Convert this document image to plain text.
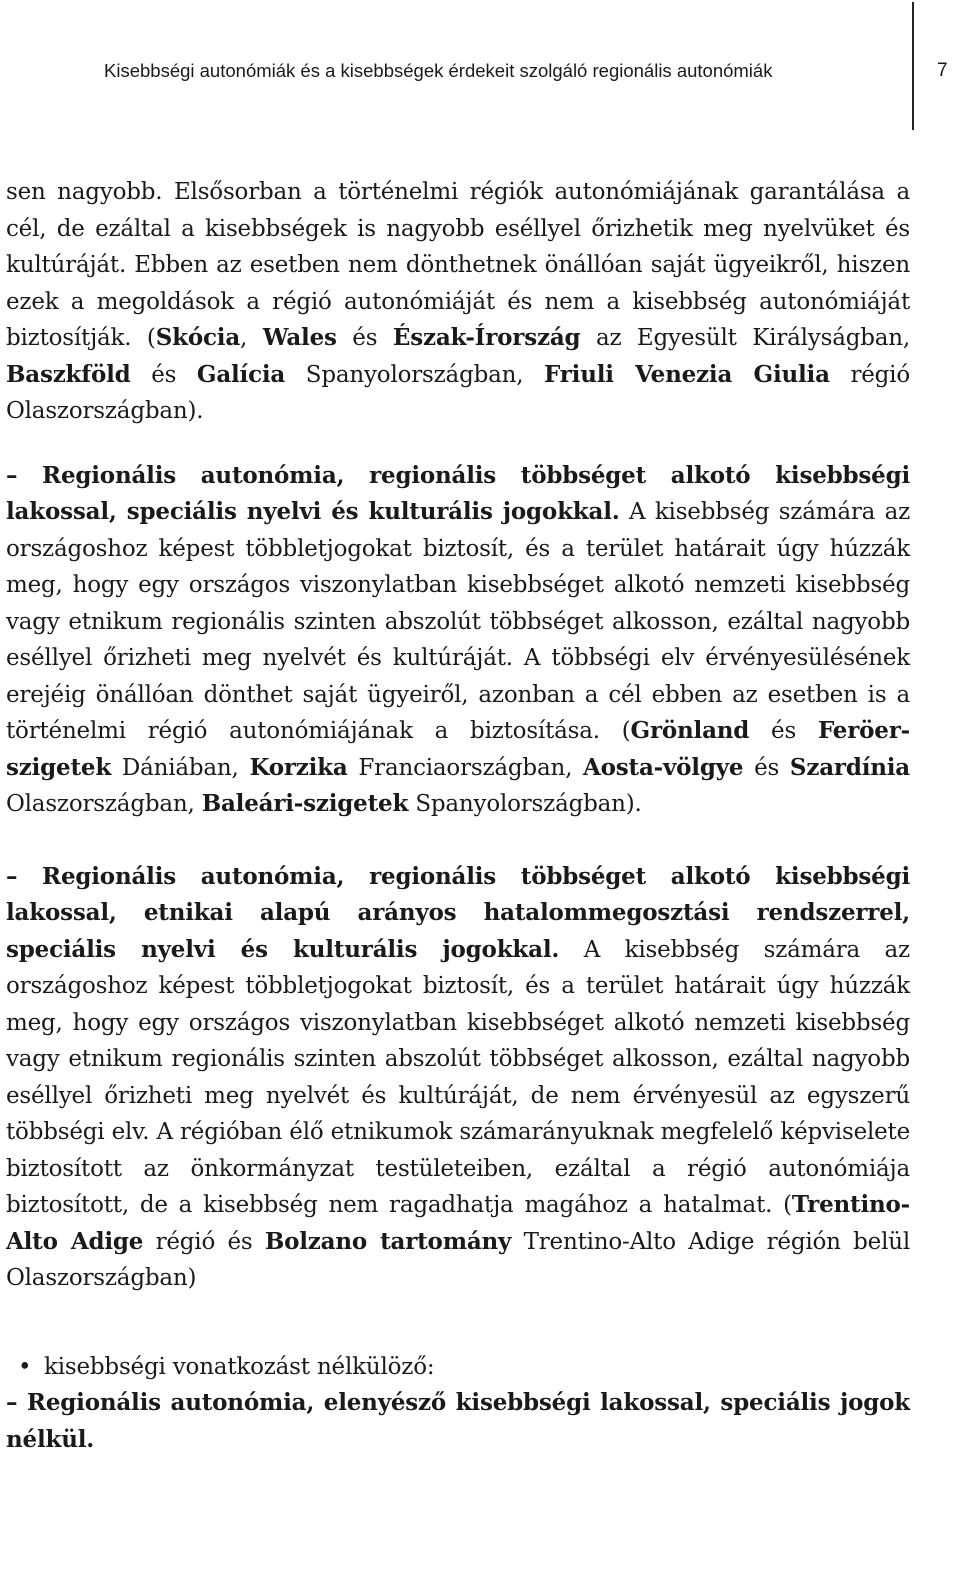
Kisebbségi autonómiák és a kisebbségek érdekeit szolgáló regionális autonómiák	7

sen nagyobb. Elsősorban a történelmi régiók autonómiájának garantálása a cél, de ezáltal a kisebbségek is nagyobb eséllyel őrizhetik meg nyelvüket és kultúráját. Ebben az esetben nem dönthetnek önállóan saját ügyeikről, hiszen ezek a megoldások a régió autonómiáját és nem a kisebbség autonómiáját biztosítják. (Skócia, Wales és Észak-Írország az Egyesült Királyságban, Baszkföld és Galícia Spanyolországban, Friuli Venezia Giulia régió Olaszországban).

– Regionális autonómia, regionális többséget alkotó kisebbségi lakossal, speciális nyelvi és kulturális jogokkal. A kisebbség számára az országoshoz képest többletjogokat biztosít, és a terület határait úgy húzzák meg, hogy egy országos viszonylatban kisebbséget alkotó nemzeti kisebbség vagy etnikum regionális szinten abszolút többséget alkosson, ezáltal nagyobb eséllyel őrizheti meg nyelvét és kultúráját. A többségi elv érvényesülésének erejéig önállóan dönthet saját ügyeiről, azonban a cél ebben az esetben is a történelmi régió autonómiájának a biztosítása. (Grönland és Feröer-szigetek Dániában, Korzika Franciaországban, Aosta-völgye és Szardínia Olaszországban, Baleári-szigetek Spanyolországban).

– Regionális autonómia, regionális többséget alkotó kisebbségi lakossal, etnikai alapú arányos hatalommegosztási rendszerrel, speciális nyelvi és kulturális jogokkal. A kisebbség számára az országoshoz képest többletjogokat biztosít, és a terület határait úgy húzzák meg, hogy egy országos viszonylatban kisebbséget alkotó nemzeti kisebbség vagy etnikum regionális szinten abszolút többséget alkosson, ezáltal nagyobb eséllyel őrizheti meg nyelvét és kultúráját, de nem érvényesül az egyszerű többségi elv. A régióban élő etnikumok számarányuknak megfelelő képviselete biztosított az önkormányzat testületeiben, ezáltal a régió autonómiája biztosított, de a kisebbség nem ragadhatja magához a hatalmat. (Trentino-Alto Adige régió és Bolzano tartomány Trentino-Alto Adige régión belül Olaszországban)

• kisebbségi vonatkozást nélkülöző:
– Regionális autonómia, elenyésző kisebbségi lakossal, speciális jogok nélkül.
